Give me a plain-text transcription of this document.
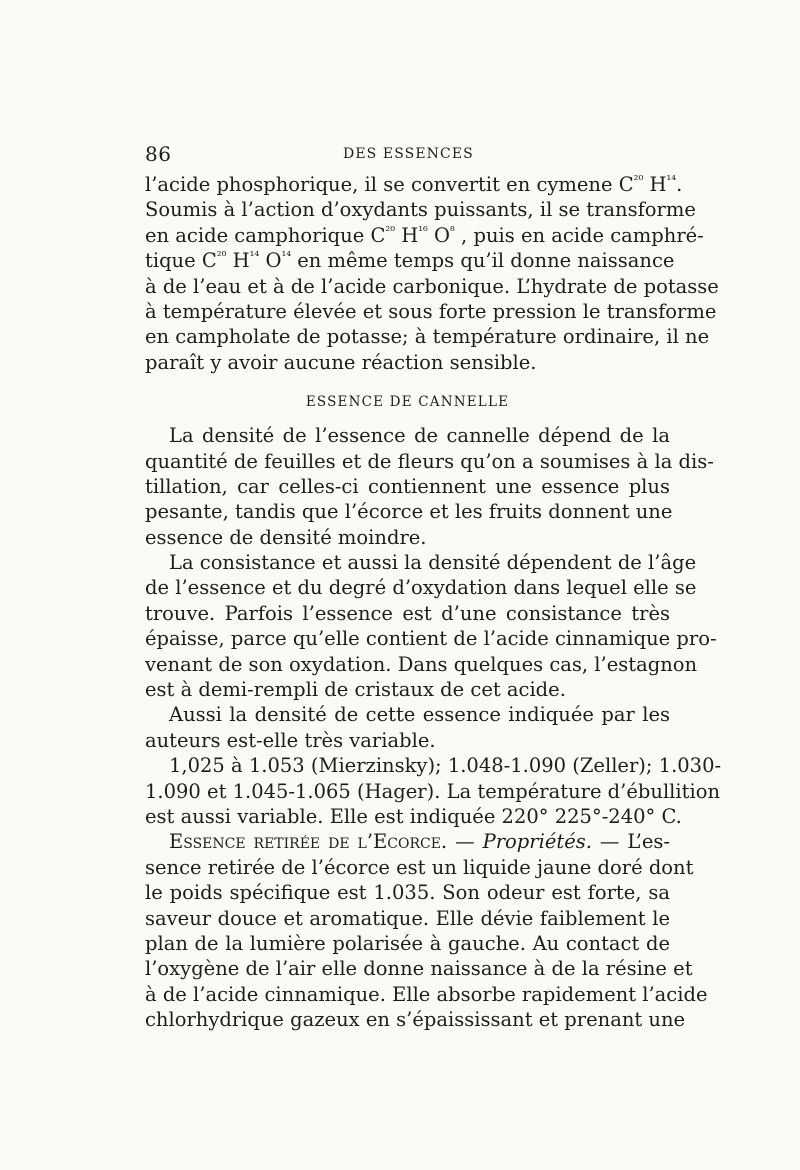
86	DES ESSENCES
l’acide phosphorique, il se convertit en cymene $C^{^{20}}$ $H^{^{14}}$.
Soumis à l’action d’oxydants puissants, il se transforme
en acide camphorique $C^{^{20}}$ $H^{^{16}}$ $O^{^8}$ , puis en acide camphré-
tique $C^{^{20}}$ $H^{^{14}}$ $O^{^{14}}$ en même temps qu’il donne naissance
à de l’eau et à de l’acide carbonique. L’hydrate de potasse
à température élevée et sous forte pression le transforme
en campholate de potasse; à température ordinaire, il ne
paraît y avoir aucune réaction sensible.
ESSENCE DE CANNELLE
La densité de l’essence de cannelle dépend de la
quantité de feuilles et de fleurs qu’on a soumises à la dis-
tillation, car celles-ci contiennent une essence plus
pesante, tandis que l’écorce et les fruits donnent une
essence de densité moindre.
La consistance et aussi la densité dépendent de l’âge
de l’essence et du degré d’oxydation dans lequel elle se
trouve. Parfois l’essence est d’une consistance très
épaisse, parce qu’elle contient de l’acide cinnamique pro-
venant de son oxydation. Dans quelques cas, l’estagnon
est à demi-rempli de cristaux de cet acide.
Aussi la densité de cette essence indiquée par les
auteurs est-elle très variable.
1,025 à 1.053 (Mierzinsky); 1.048-1.090 (Zeller); 1.030-
1.090 et 1.045-1.065 (Hager). La température d’ébullition
est aussi variable. Elle est indiquée 220° 225°-240° C.
Essence retirée de l’Ecorce. — Propriétés. — L’es-
sence retirée de l’écorce est un liquide jaune doré dont
le poids spécifique est 1.035. Son odeur est forte, sa
saveur douce et aromatique. Elle dévie faiblement le
plan de la lumière polarisée à gauche. Au contact de
l’oxygène de l’air elle donne naissance à de la résine et
à de l’acide cinnamique. Elle absorbe rapidement l’acide
chlorhydrique gazeux en s’épaississant et prenant une
